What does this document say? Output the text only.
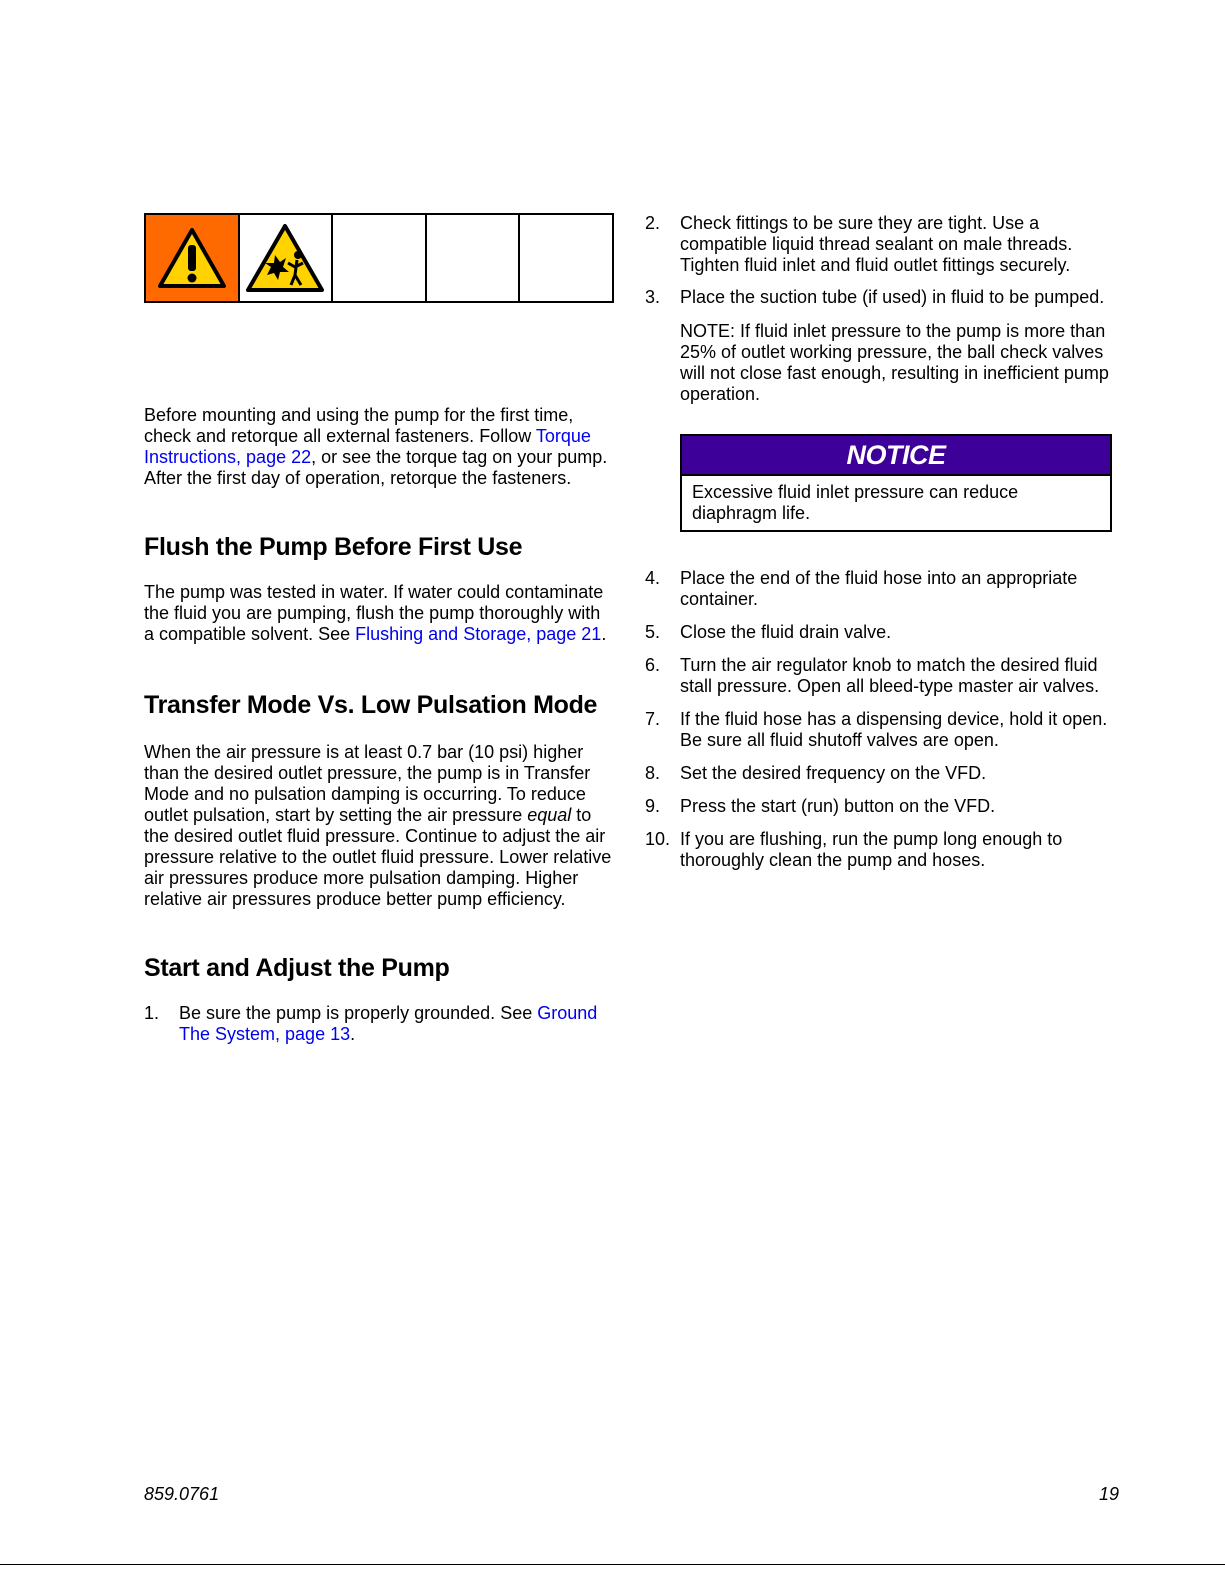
Before mounting and using the pump for the first time, check and retorque all external fasteners. Follow Torque Instructions, page 22, or see the torque tag on your pump. After the first day of operation, retorque the fasteners.

Flush the Pump Before First Use

The pump was tested in water. If water could contaminate the fluid you are pumping, flush the pump thoroughly with a compatible solvent. See Flushing and Storage, page 21.

Transfer Mode Vs. Low Pulsation Mode

When the air pressure is at least 0.7 bar (10 psi) higher than the desired outlet pressure, the pump is in Transfer Mode and no pulsation damping is occurring. To reduce outlet pulsation, start by setting the air pressure equal to the desired outlet fluid pressure. Continue to adjust the air pressure relative to the outlet fluid pressure. Lower relative air pressures produce more pulsation damping. Higher relative air pressures produce better pump efficiency.

Start and Adjust the Pump
1.	Be sure the pump is properly grounded. See Ground The System, page 13.
2.	Check fittings to be sure they are tight. Use a compatible liquid thread sealant on male threads. Tighten fluid inlet and fluid outlet fittings securely.
3.	Place the suction tube (if used) in fluid to be pumped.

NOTE: If fluid inlet pressure to the pump is more than 25% of outlet working pressure, the ball check valves will not close fast enough, resulting in inefficient pump operation.

NOTICE
Excessive fluid inlet pressure can reduce diaphragm life.
4.	Place the end of the fluid hose into an appropriate container.
5.	Close the fluid drain valve.
6.	Turn the air regulator knob to match the desired fluid stall pressure. Open all bleed-type master air valves.
7.	If the fluid hose has a dispensing device, hold it open. Be sure all fluid shutoff valves are open.
8.	Set the desired frequency on the VFD.
9.	Press the start (run) button on the VFD.
10. If you are flushing, run the pump long enough to thoroughly clean the pump and hoses.
859.0761	19
